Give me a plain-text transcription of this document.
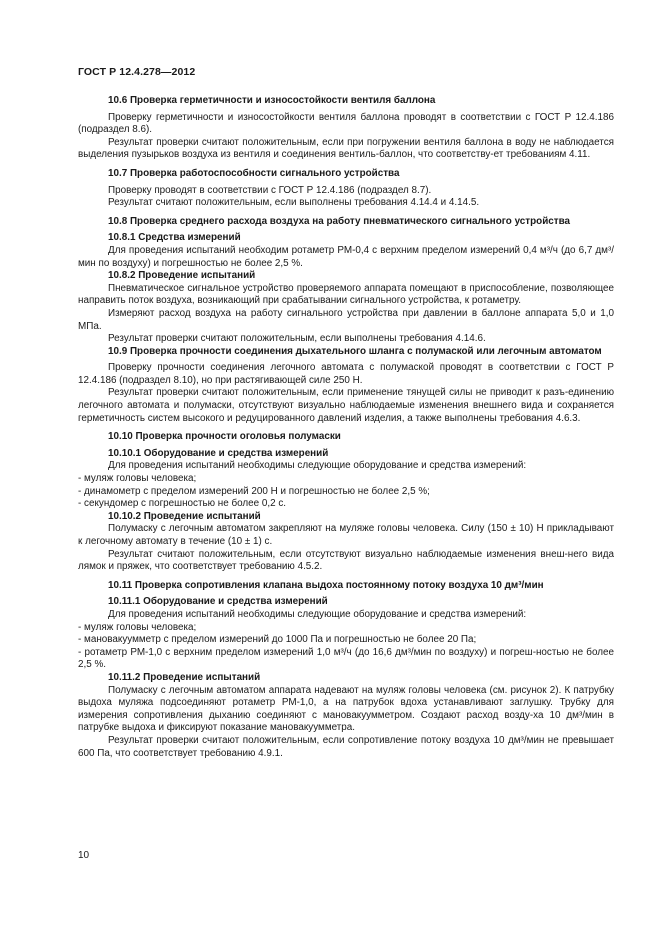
ГОСТ Р 12.4.278—2012

10.6 Проверка герметичности и износостойкости вентиля баллона

Проверку герметичности и износостойкости вентиля баллона проводят в соответствии с ГОСТ Р 12.4.186 (подраздел 8.6).

Результат проверки считают положительным, если при погружении вентиля баллона в воду не наблюдается выделения пузырьков воздуха из вентиля и соединения вентиль-баллон, что соответству-ет требованиям 4.11.

10.7 Проверка работоспособности сигнального устройства

Проверку проводят в соответствии с ГОСТ Р 12.4.186 (подраздел 8.7).

Результат считают положительным, если выполнены требования 4.14.4 и 4.14.5.

10.8 Проверка среднего расхода воздуха на работу пневматического сигнального устройства

10.8.1 Средства измерений

Для проведения испытаний необходим ротаметр РМ-0,4 с верхним пределом измерений 0,4 м³/ч (до 6,7 дм³/мин по воздуху) и погрешностью не более 2,5 %.

10.8.2 Проведение испытаний

Пневматическое сигнальное устройство проверяемого аппарата помещают в приспособление, позволяющее направить поток воздуха, возникающий при срабатывании сигнального устройства, к ротаметру.

Измеряют расход воздуха на работу сигнального устройства при давлении в баллоне аппарата 5,0 и 1,0 МПа.

Результат проверки считают положительным, если выполнены требования 4.14.6.

10.9 Проверка прочности соединения дыхательного шланга с полумаской или легочным автоматом

Проверку прочности соединения легочного автомата с полумаской проводят в соответствии с ГОСТ Р 12.4.186 (подраздел 8.10), но при растягивающей силе 250 Н.

Результат проверки считают положительным, если применение тянущей силы не приводит к разъ-единению легочного автомата и полумаски, отсутствуют визуально наблюдаемые изменения внешнего вида и сохраняется герметичность систем высокого и редуцированного давлений изделия, а также выполнены требования 4.6.3.

10.10 Проверка прочности оголовья полумаски

10.10.1 Оборудование и средства измерений

Для проведения испытаний необходимы следующие оборудование и средства измерений:

- муляж головы человека;

- динамометр с пределом измерений 200 Н и погрешностью не более 2,5 %;

- секундомер с погрешностью не более 0,2 с.

10.10.2 Проведение испытаний

Полумаску с легочным автоматом закрепляют на муляже головы человека. Силу (150 ± 10) Н прикладывают к легочному автомату в течение (10 ± 1) с.

Результат считают положительным, если отсутствуют визуально наблюдаемые изменения внеш-него вида лямок и пряжек, что соответствует требованию 4.5.2.

10.11 Проверка сопротивления клапана выдоха постоянному потоку воздуха 10 дм³/мин

10.11.1 Оборудование и средства измерений

Для проведения испытаний необходимы следующие оборудование и средства измерений:

- муляж головы человека;

- мановакуумметр с пределом измерений до 1000 Па и погрешностью не более 20 Па;

- ротаметр РМ-1,0 с верхним пределом измерений 1,0 м³/ч (до 16,6 дм³/мин по воздуху) и погреш-ностью не более 2,5 %.

10.11.2 Проведение испытаний

Полумаску с легочным автоматом аппарата надевают на муляж головы человека (см. рисунок 2). К патрубку выдоха муляжа подсоединяют ротаметр РМ-1,0, а на патрубок вдоха устанавливают заглушку. Трубку для измерения сопротивления дыханию соединяют с мановакуумметром. Создают расход возду-ха 10 дм³/мин в патрубке выдоха и фиксируют показание мановакуумметра.

Результат проверки считают положительным, если сопротивление потоку воздуха 10 дм³/мин не превышает 600 Па, что соответствует требованию 4.9.1.

10
